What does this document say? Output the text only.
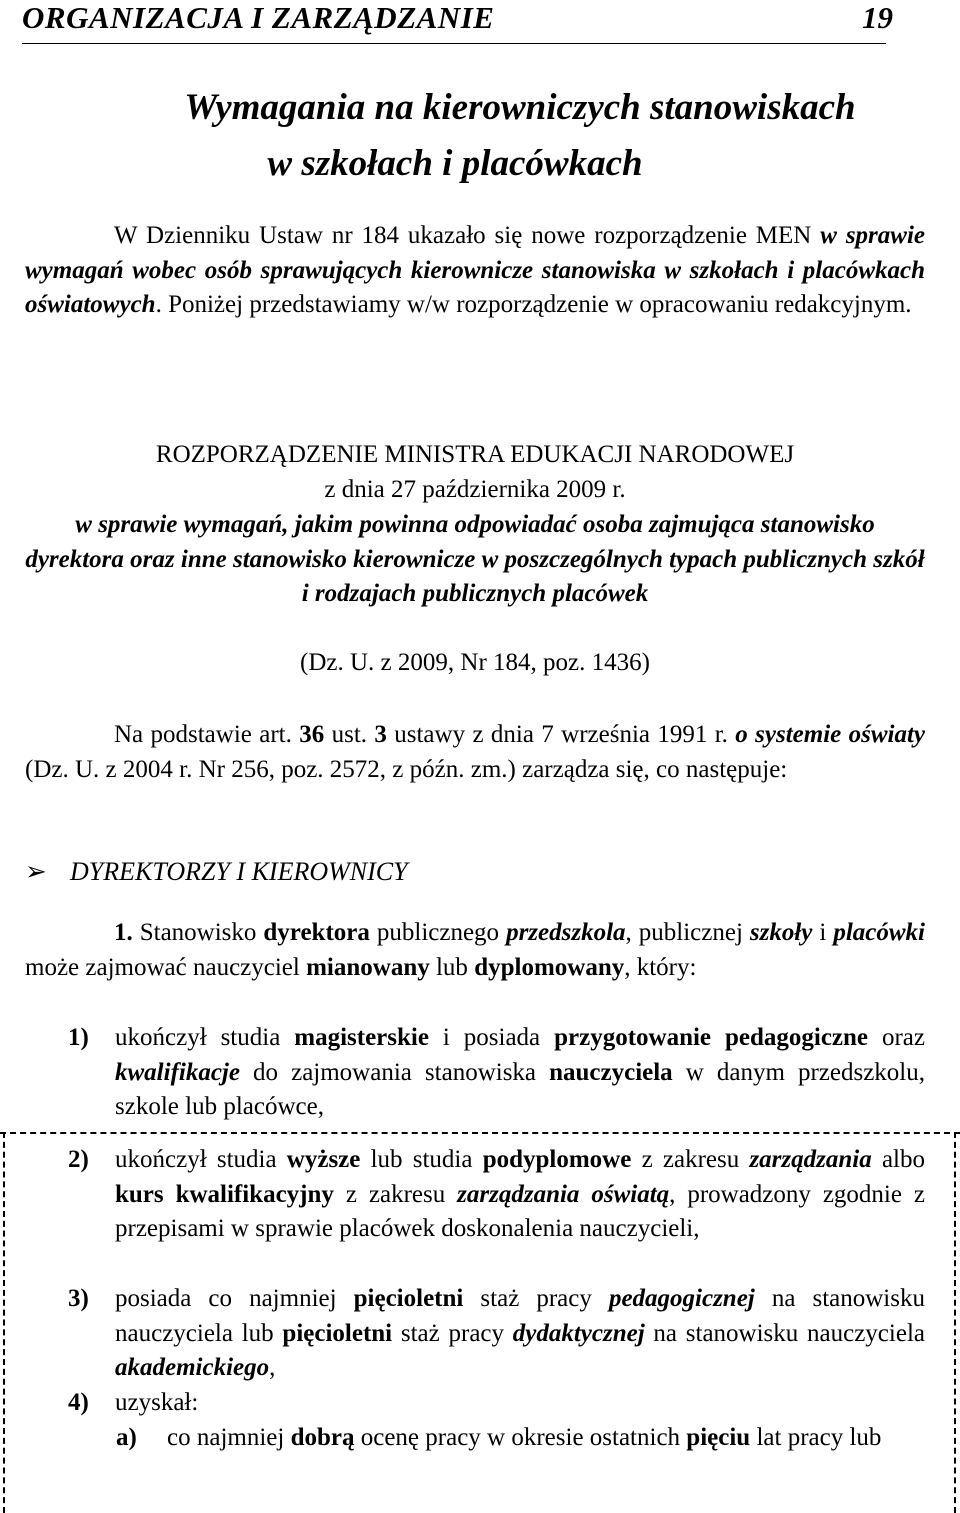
ORGANIZACJA I ZARZĄDZANIE	19
Wymagania na kierowniczych stanowiskach
w szkołach i placówkach
W Dzienniku Ustaw nr 184 ukazało się nowe rozporządzenie MEN w sprawie wymagań wobec osób sprawujących kierownicze stanowiska w szkołach i placówkach oświatowych. Poniżej przedstawiamy w/w rozporządzenie w opracowaniu redakcyjnym.
ROZPORZĄDZENIE MINISTRA EDUKACJI NARODOWEJ
z dnia 27 października 2009 r.
w sprawie wymagań, jakim powinna odpowiadać osoba zajmująca stanowisko dyrektora oraz inne stanowisko kierownicze w poszczególnych typach publicznych szkół i rodzajach publicznych placówek
(Dz. U. z 2009, Nr 184, poz. 1436)
Na podstawie art. 36 ust. 3 ustawy z dnia 7 września 1991 r. o systemie oświaty (Dz. U. z 2004 r. Nr 256, poz. 2572, z późn. zm.) zarządza się, co następuje:
➢ DYREKTORZY I KIEROWNICY
1. Stanowisko dyrektora publicznego przedszkola, publicznej szkoły i placówki może zajmować nauczyciel mianowany lub dyplomowany, który:
1)	ukończył studia magisterskie i posiada przygotowanie pedagogiczne oraz kwalifikacje do zajmowania stanowiska nauczyciela w danym przedszkolu, szkole lub placówce,
2)	ukończył studia wyższe lub studia podyplomowe z zakresu zarządzania albo kurs kwalifikacyjny z zakresu zarządzania oświatą, prowadzony zgodnie z przepisami w sprawie placówek doskonalenia nauczycieli,
3)	posiada co najmniej pięcioletni staż pracy pedagogicznej na stanowisku nauczyciela lub pięcioletni staż pracy dydaktycznej na stanowisku nauczyciela akademickiego,
4)	uzyskał:
a)	co najmniej dobrą ocenę pracy w okresie ostatnich pięciu lat pracy lub
